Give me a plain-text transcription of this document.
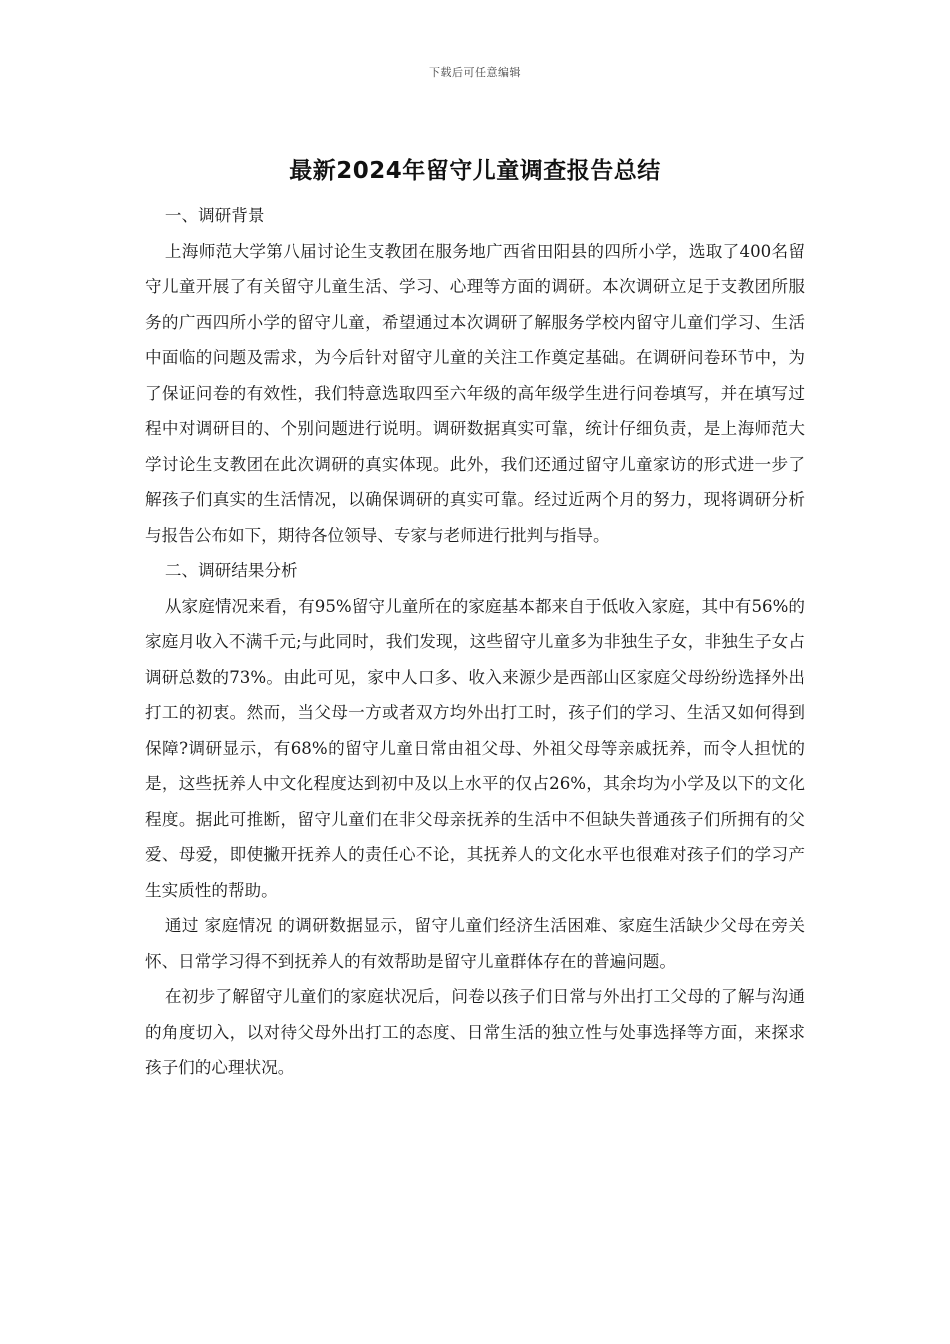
下载后可任意编辑
最新2024年留守儿童调查报告总结

一、调研背景

上海师范大学第八届讨论生支教团在服务地广西省田阳县的四所小学，选取了400名留守儿童开展了有关留守儿童生活、学习、心理等方面的调研。本次调研立足于支教团所服务的广西四所小学的留守儿童，希望通过本次调研了解服务学校内留守儿童们学习、生活中面临的问题及需求，为今后针对留守儿童的关注工作奠定基础。在调研问卷环节中，为了保证问卷的有效性，我们特意选取四至六年级的高年级学生进行问卷填写，并在填写过程中对调研目的、个别问题进行说明。调研数据真实可靠，统计仔细负责，是上海师范大学讨论生支教团在此次调研的真实体现。此外，我们还通过留守儿童家访的形式进一步了解孩子们真实的生活情况，以确保调研的真实可靠。经过近两个月的努力，现将调研分析与报告公布如下，期待各位领导、专家与老师进行批判与指导。

二、调研结果分析

从家庭情况来看，有95%留守儿童所在的家庭基本都来自于低收入家庭，其中有56%的家庭月收入不满千元;与此同时，我们发现，这些留守儿童多为非独生子女，非独生子女占调研总数的73%。由此可见，家中人口多、收入来源少是西部山区家庭父母纷纷选择外出打工的初衷。然而，当父母一方或者双方均外出打工时，孩子们的学习、生活又如何得到保障?调研显示，有68%的留守儿童日常由祖父母、外祖父母等亲戚抚养，而令人担忧的是，这些抚养人中文化程度达到初中及以上水平的仅占26%，其余均为小学及以下的文化程度。据此可推断，留守儿童们在非父母亲抚养的生活中不但缺失普通孩子们所拥有的父爱、母爱，即使撇开抚养人的责任心不论，其抚养人的文化水平也很难对孩子们的学习产生实质性的帮助。

通过 家庭情况 的调研数据显示，留守儿童们经济生活困难、家庭生活缺少父母在旁关怀、日常学习得不到抚养人的有效帮助是留守儿童群体存在的普遍问题。

在初步了解留守儿童们的家庭状况后，问卷以孩子们日常与外出打工父母的了解与沟通的角度切入，以对待父母外出打工的态度、日常生活的独立性与处事选择等方面，来探求孩子们的心理状况。
